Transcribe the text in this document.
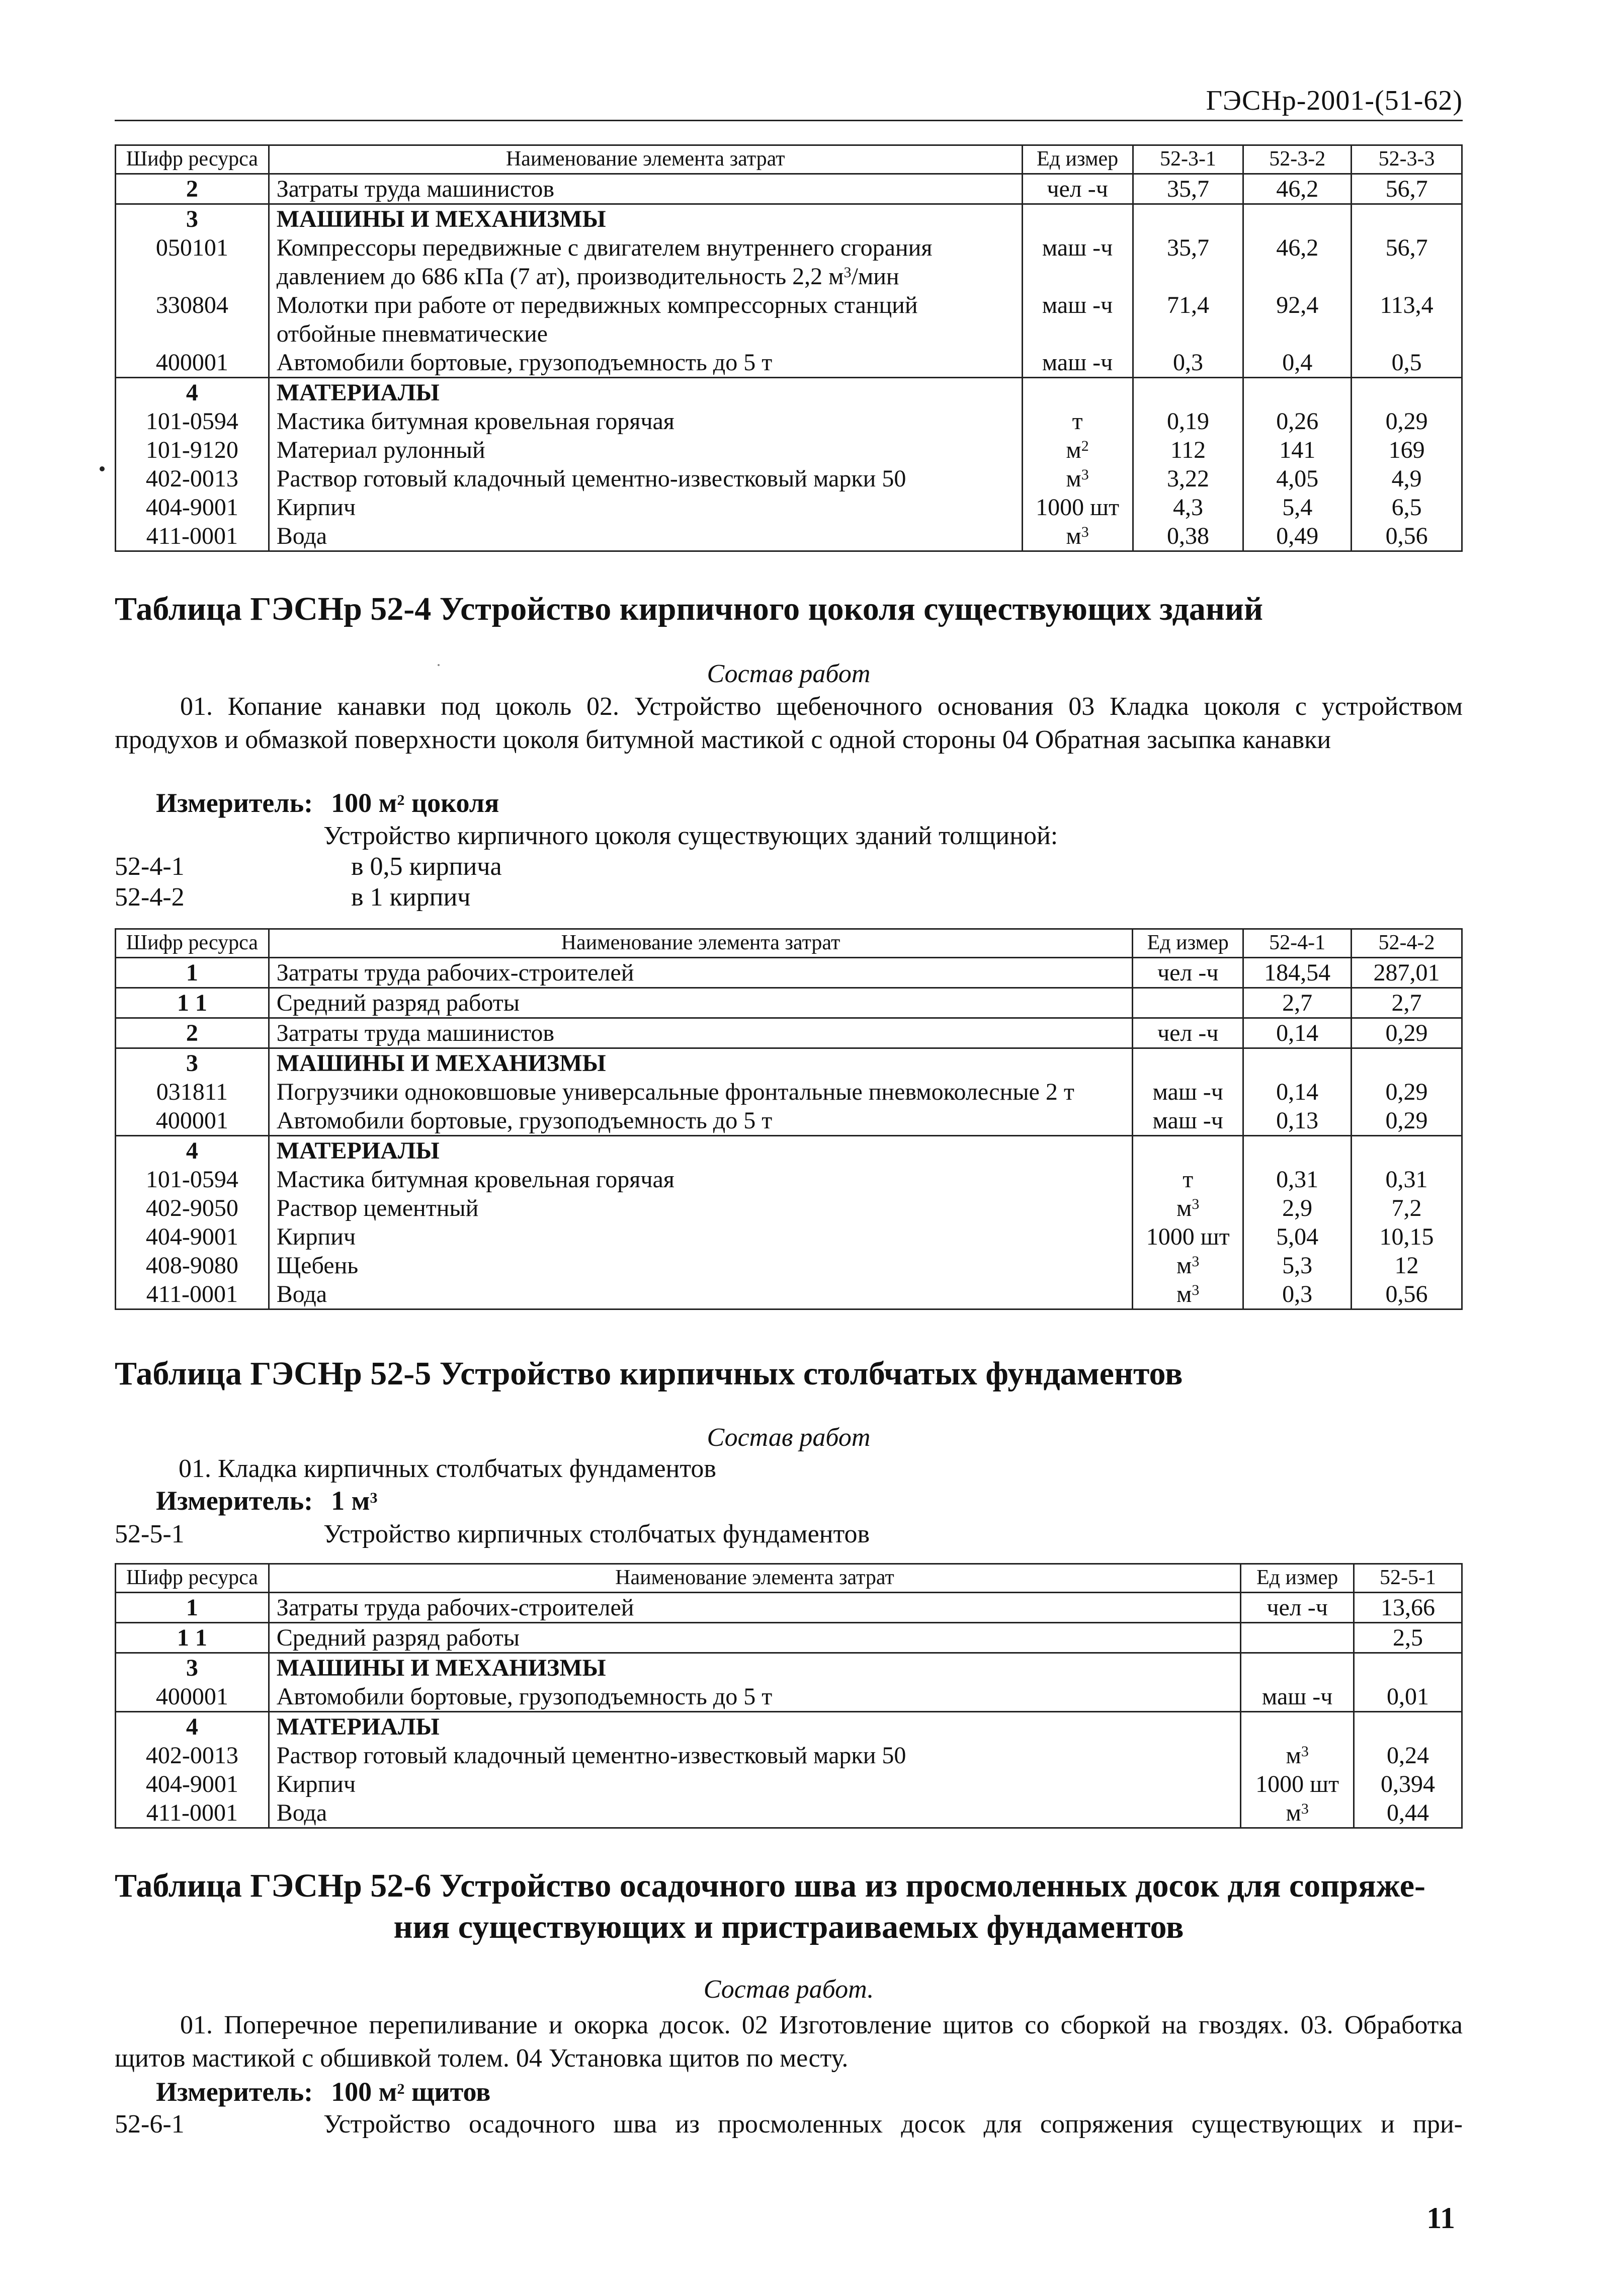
ГЭСНр-2001-(51-62)
Шифр ресурса	Наименование элемента затрат	Ед измер	52-3-1	52-3-2	52-3-3
2	Затраты труда машинистов	чел -ч	35,7	46,2	56,7
3	МАШИНЫ И МЕХАНИЗМЫ				
050101	Компрессоры передвижные с двигателем внутреннего сгорания давлением до 686 кПа (7 ат), производительность 2,2 $м^3$/мин	маш -ч	35,7	46,2	56,7
330804	Молотки при работе от передвижных компрессорных станций отбойные пневматические	маш -ч	71,4	92,4	113,4
400001	Автомобили бортовые, грузоподъемность до 5 т	маш -ч	0,3	0,4	0,5
4	МАТЕРИАЛЫ				
101-0594	Мастика битумная кровельная горячая	т	0,19	0,26	0,29
101-9120	Материал рулонный	$м^2$	112	141	169
402-0013	Раствор готовый кладочный цементно-известковый марки 50	$м^3$	3,22	4,05	4,9
404-9001	Кирпич	1000 шт	4,3	5,4	6,5
411-0001	Вода	$м^3$	0,38	0,49	0,56
Таблица ГЭСНр 52-4 Устройство кирпичного цоколя существующих зданий
Состав работ
01. Копание канавки под цоколь 02. Устройство щебеночного основания 03 Кладка цоколя с устройством продухов и обмазкой поверхности цоколя битумной мастикой с одной стороны 04 Обратная засыпка канавки
Измеритель: 100 $м^2$ цоколя
Устройство кирпичного цоколя существующих зданий толщиной:
52-4-1	в 0,5 кирпича
52-4-2	в 1 кирпич
Шифр ресурса	Наименование элемента затрат	Ед измер	52-4-1	52-4-2
1	Затраты труда рабочих-строителей	чел -ч	184,54	287,01
1 1	Средний разряд работы		2,7	2,7
2	Затраты труда машинистов	чел -ч	0,14	0,29
3	МАШИНЫ И МЕХАНИЗМЫ			
031811	Погрузчики одноковшовые универсальные фронтальные пневмоколесные 2 т	маш -ч	0,14	0,29
400001	Автомобили бортовые, грузоподъемность до 5 т	маш -ч	0,13	0,29
4	МАТЕРИАЛЫ			
101-0594	Мастика битумная кровельная горячая	т	0,31	0,31
402-9050	Раствор цементный	$м^3$	2,9	7,2
404-9001	Кирпич	1000 шт	5,04	10,15
408-9080	Щебень	$м^3$	5,3	12
411-0001	Вода	$м^3$	0,3	0,56
Таблица ГЭСНр 52-5 Устройство кирпичных столбчатых фундаментов
Состав работ
01. Кладка кирпичных столбчатых фундаментов
Измеритель: 1 $м^3$
52-5-1	Устройство кирпичных столбчатых фундаментов
Шифр ресурса	Наименование элемента затрат	Ед измер	52-5-1
1	Затраты труда рабочих-строителей	чел -ч	13,66
1 1	Средний разряд работы		2,5
3	МАШИНЫ И МЕХАНИЗМЫ		
400001	Автомобили бортовые, грузоподъемность до 5 т	маш -ч	0,01
4	МАТЕРИАЛЫ		
402-0013	Раствор готовый кладочный цементно-известковый марки 50	$м^3$	0,24
404-9001	Кирпич	1000 шт	0,394
411-0001	Вода	$м^3$	0,44
Таблица ГЭСНр 52-6 Устройство осадочного шва из просмоленных досок для сопряже-
ния существующих и пристраиваемых фундаментов
Состав работ.
01. Поперечное перепиливание и окорка досок. 02 Изготовление щитов со сборкой на гвоздях. 03. Обработка щитов мастикой с обшивкой толем. 04 Установка щитов по месту.
Измеритель: 100 $м^2$ щитов
52-6-1	Устройство осадочного шва из просмоленных досок для сопряжения существующих и при-
11
